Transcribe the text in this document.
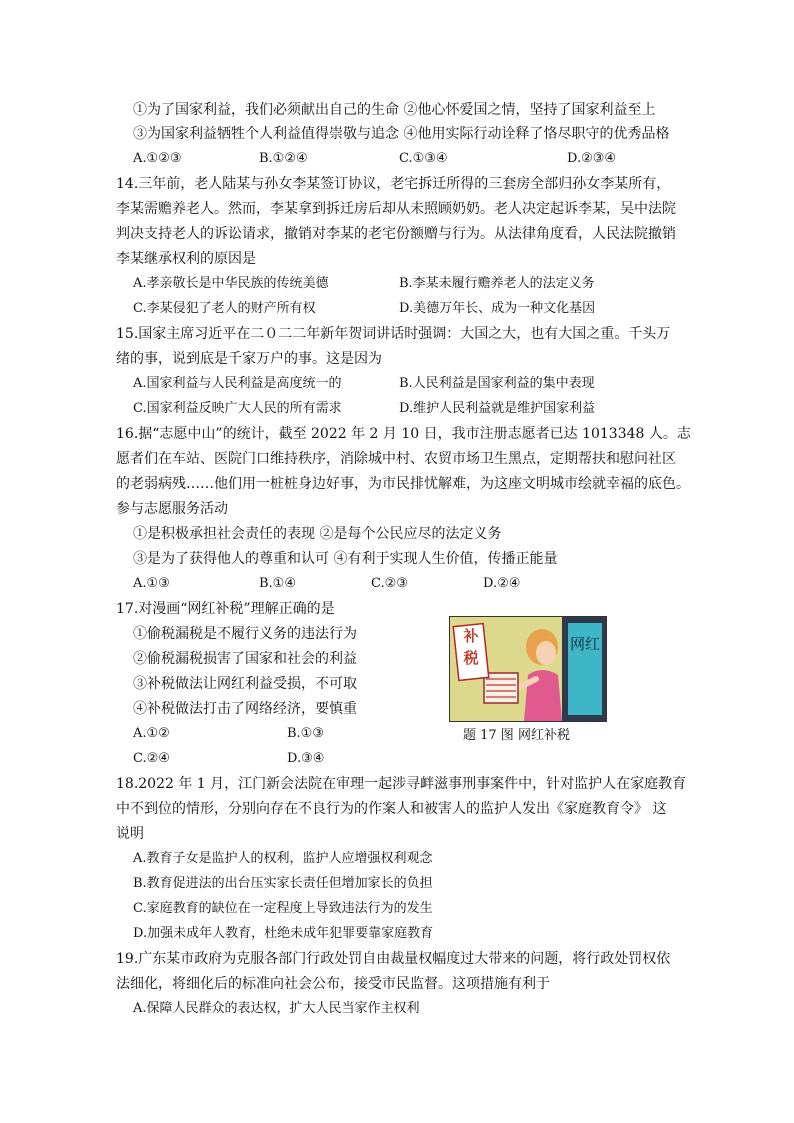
①为了国家利益，我们必须献出自己的生命 ②他心怀爱国之情，坚持了国家利益至上
③为国家利益牺牲个人利益值得崇敬与追念 ④他用实际行动诠释了恪尽职守的优秀品格
A.①②③	B.①②④	C.①③④	D.②③④
14.三年前，老人陆某与孙女李某签订协议，老宅拆迁所得的三套房全部归孙女李某所有，
李某需赡养老人。然而，李某拿到拆迁房后却从未照顾奶奶。老人决定起诉李某，吴中法院
判决支持老人的诉讼请求，撤销对李某的老宅份额赠与行为。从法律角度看，人民法院撤销
李某继承权利的原因是
A.孝亲敬长是中华民族的传统美德	B.李某未履行赡养老人的法定义务
C.李某侵犯了老人的财产所有权	D.美德万年长、成为一种文化基因
15.国家主席习近平在二０二二年新年贺词讲话时强调：大国之大，也有大国之重。千头万
绪的事，说到底是千家万户的事。这是因为
A.国家利益与人民利益是高度统一的	B.人民利益是国家利益的集中表现
C.国家利益反映广大人民的所有需求	D.维护人民利益就是维护国家利益
16.据“志愿中山”的统计，截至 2022 年 2 月 10 日，我市注册志愿者已达 1013348 人。志
愿者们在车站、医院门口维持秩序，消除城中村、农贸市场卫生黑点，定期帮扶和慰问社区
的老弱病残……他们用一桩桩身边好事，为市民排忧解难，为这座文明城市绘就幸福的底色。
参与志愿服务活动
①是积极承担社会责任的表现 ②是每个公民应尽的法定义务
③是为了获得他人的尊重和认可 ④有利于实现人生价值，传播正能量
A.①③	B.①④	C.②③	D.②④
17.对漫画“网红补税”理解正确的是
①偷税漏税是不履行义务的违法行为
②偷税漏税损害了国家和社会的利益
③补税做法让网红利益受损，不可取
④补税做法打击了网络经济，要慎重
A.①②	B.①③
C.②④	D.③④
补税
网红
题 17 图 网红补税
18.2022 年 1 月，江门新会法院在审理一起涉寻衅滋事刑事案件中，针对监护人在家庭教育
中不到位的情形，分别向存在不良行为的作案人和被害人的监护人发出《家庭教育令》 这
说明
A.教育子女是监护人的权利，监护人应增强权利观念
B.教育促进法的出台压实家长责任但增加家长的负担
C.家庭教育的缺位在一定程度上导致违法行为的发生
D.加强未成年人教育，杜绝未成年犯罪要靠家庭教育
19.广东某市政府为克服各部门行政处罚自由裁量权幅度过大带来的问题，将行政处罚权依
法细化，将细化后的标准向社会公布，接受市民监督。这项措施有利于
A.保障人民群众的表达权，扩大人民当家作主权利
